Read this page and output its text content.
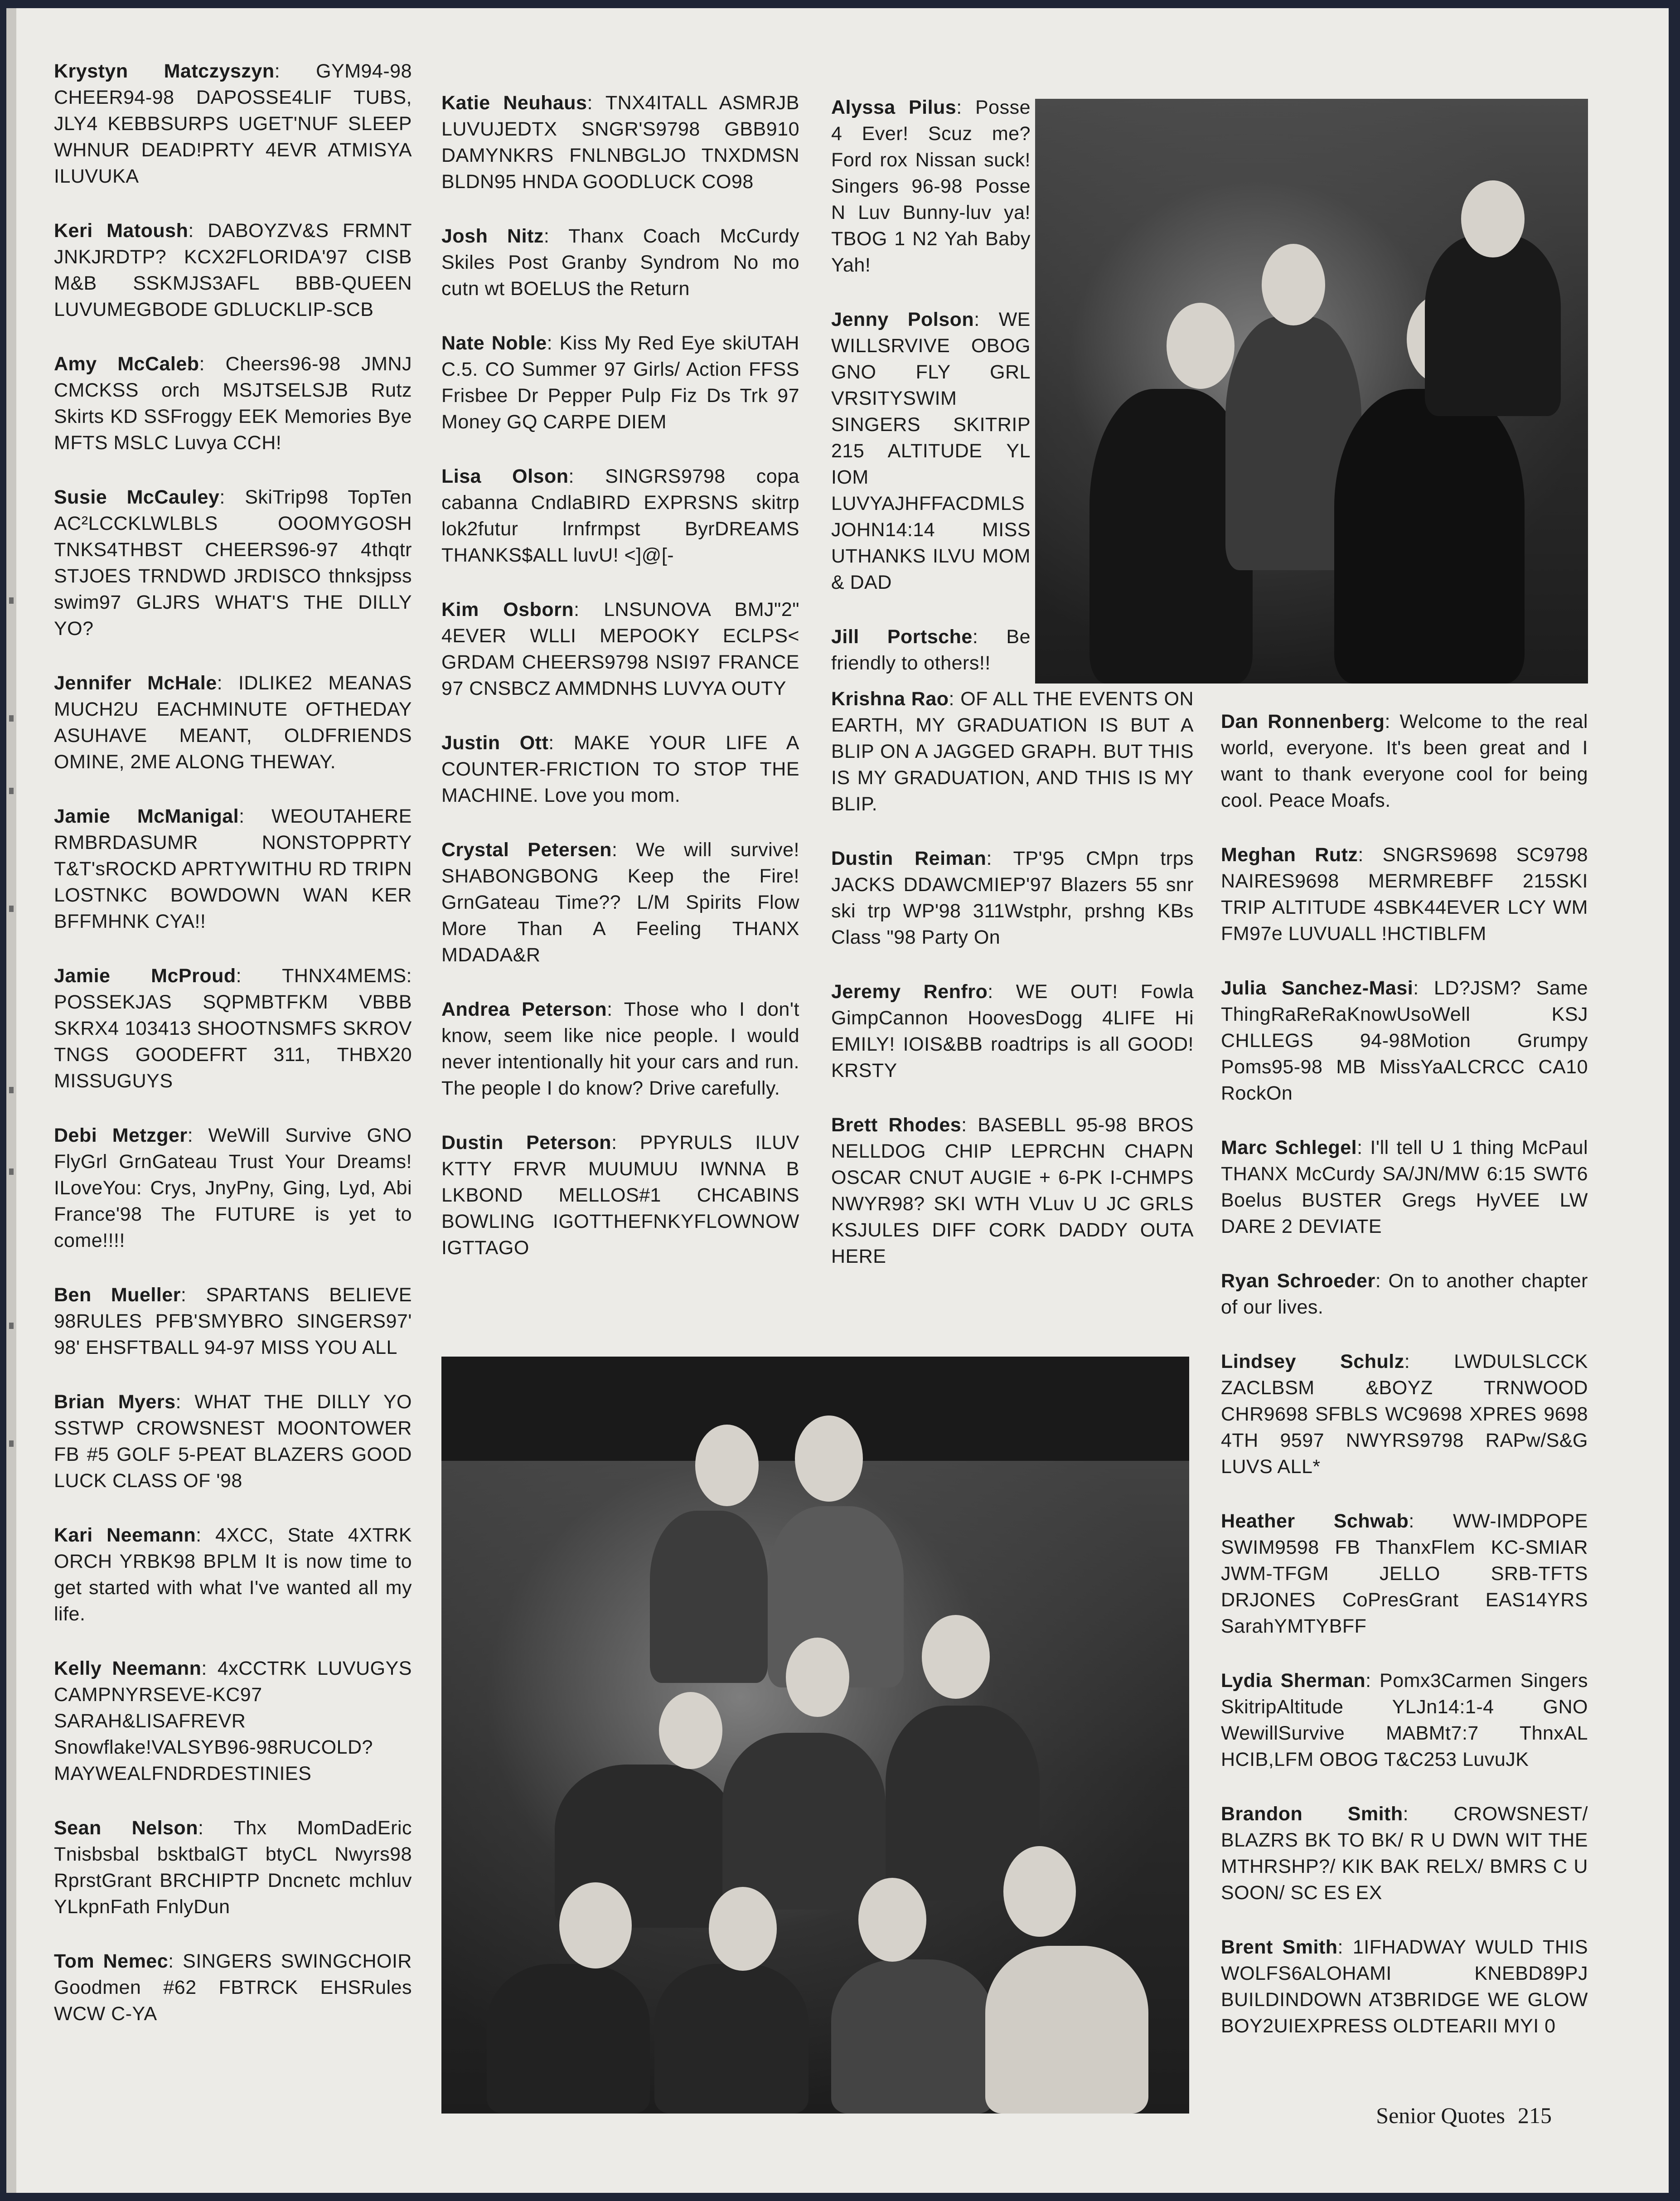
Krystyn Matczyszyn : GYM94-98 CHEER94-98 DAPOSSE4LIF TUBS, JLY4 KEBBSURPS UGET'NUF SLEEP WHNUR DEAD!PRTY 4EVR ATMISYA ILUVUKA

Keri Matoush : DABOYZV&S FRMNT JNKJRDTP? KCX2FLORIDA'97 CISB M&B SSKMJS3AFL BBB-QUEEN LUVUMEGBODE GDLUCKLIP-SCB

Amy McCaleb : Cheers96-98 JMNJ CMCKSS orch MSJTSELSJB Rutz Skirts KD SSFroggy EEK Memories Bye MFTS MSLC Luvya CCH!

Susie McCauley : SkiTrip98 TopTen AC²LCCKLWLBLS OOOMYGOSH TNKS4THBST CHEERS96-97 4thqtr STJOES TRNDWD JRDISCO thnksjpss swim97 GLJRS WHAT'S THE DILLY YO?

Jennifer McHale : IDLIKE2 MEANAS MUCH2U EACHMINUTE OFTHEDAY ASUHAVE MEANT, OLDFRIENDS OMINE, 2ME ALONG THEWAY.

Jamie McManigal : WEOUTAHERE RMBRDASUMR NONSTOPPRTY T&T'sROCKD APRTYWITHU RD TRIPN LOSTNKC BOWDOWN WAN KER BFFMHNK CYA!!

Jamie McProud : THNX4MEMS: POSSEKJAS SQPMBTFKM VBBB SKRX4 103413 SHOOTNSMFS SKROV TNGS GOODEFRT 311, THBX20 MISSUGUYS

Debi Metzger : WeWill Survive GNO FlyGrl GrnGateau Trust Your Dreams! ILoveYou: Crys, JnyPny, Ging, Lyd, Abi France'98 The FUTURE is yet to come!!!!

Ben Mueller : SPARTANS BELIEVE 98RULES PFB'SMYBRO SINGERS97' 98' EHSFTBALL 94-97 MISS YOU ALL

Brian Myers : WHAT THE DILLY YO SSTWP CROWSNEST MOONTOWER FB #5 GOLF 5-PEAT BLAZERS GOOD LUCK CLASS OF '98

Kari Neemann : 4XCC, State 4XTRK ORCH YRBK98 BPLM It is now time to get started with what I've wanted all my life.

Kelly Neemann : 4xCCTRK LUVUGYS CAMPNYRSEVE-KC97 SARAH&LISAFREVR Snowflake!VALSYB96-98RUCOLD?MAYWEALFNDRDESTINIES

Sean Nelson : Thx MomDadEric Tnisbsbal bsktbalGT btyCL Nwyrs98 RprstGrant BRCHIPTP Dncnetc mchluv YLkpnFath FnlyDun

Tom Nemec : SINGERS SWINGCHOIR Goodmen #62 FBTRCK EHSRules WCW C-YA

Katie Neuhaus : TNX4ITALL ASMRJB LUVUJEDTX SNGR'S9798 GBB910 DAMYNKRS FNLNBGLJO TNXDMSN BLDN95 HNDA GOODLUCK CO98

Josh Nitz : Thanx Coach McCurdy Skiles Post Granby Syndrom No mo cutn wt BOELUS the Return

Nate Noble : Kiss My Red Eye skiUTAH C.5. CO Summer 97 Girls/ Action FFSS Frisbee Dr Pepper Pulp Fiz Ds Trk 97 Money GQ CARPE DIEM

Lisa Olson : SINGRS9798 copa cabanna CndlaBIRD EXPRSNS skitrp lok2futur lrnfrmpst ByrDREAMS THANKS$ALL luvU! <]@[-

Kim Osborn : LNSUNOVA BMJ"2" 4EVER WLLI MEPOOKY ECLPS< GRDAM CHEERS9798 NSI97 FRANCE 97 CNSBCZ AMMDNHS LUVYA OUTY

Justin Ott : MAKE YOUR LIFE A COUNTER-FRICTION TO STOP THE MACHINE. Love you mom.

Crystal Petersen : We will survive! SHABONGBONG Keep the Fire! GrnGateau Time?? L/M Spirits Flow More Than A Feeling THANX MDADA&R

Andrea Peterson : Those who I don't know, seem like nice people. I would never intentionally hit your cars and run. The people I do know? Drive carefully.

Dustin Peterson : PPYRULS ILUV KTTY FRVR MUUMUU IWNNA B LKBOND MELLOS#1 CHCABINS BOWLING IGOTTHEFNKYFLOWNOW IGTTAGO

Alyssa Pilus : Posse 4 Ever! Scuz me? Ford rox Nissan suck! Singers 96-98 Posse N Luv Bunny-luv ya! TBOG 1 N2 Yah Baby Yah!

Jenny Polson : WE WILLSRVIVE OBOG GNO FLY GRL VRSITYSWIM SINGERS SKITRIP 215 ALTITUDE YL IOM LUVYAJHFFACDMLS JOHN14:14 MISS UTHANKS ILVU MOM & DAD

Jill Portsche : Be friendly to others!!

Krishna Rao : OF ALL THE EVENTS ON EARTH, MY GRADUATION IS BUT A BLIP ON A JAGGED GRAPH. BUT THIS IS MY GRADUATION, AND THIS IS MY BLIP.

Dustin Reiman : TP'95 CMpn trps JACKS DDAWCMIEP'97 Blazers 55 snr ski trp WP'98 311Wstphr, prshng KBs Class "98 Party On

Jeremy Renfro : WE OUT! Fowla GimpCannon HoovesDogg 4LIFE Hi EMILY! IOIS&BB roadtrips is all GOOD! KRSTY

Brett Rhodes : BASEBLL 95-98 BROS NELLDOG CHIP LEPRCHN CHAPN OSCAR CNUT AUGIE + 6-PK I-CHMPS NWYR98? SKI WTH VLuv U JC GRLS KSJULES DIFF CORK DADDY OUTA HERE

Dan Ronnenberg : Welcome to the real world, everyone. It's been great and I want to thank everyone cool for being cool. Peace Moafs.

Meghan Rutz : SNGRS9698 SC9798 NAIRES9698 MERMREBFF 215SKI TRIP ALTITUDE 4SBK44EVER LCY WM FM97e LUVUALL !HCTIBLFM

Julia Sanchez-Masi : LD?JSM? Same ThingRaReRaKnowUsoWell KSJ CHLLEGS 94-98Motion Grumpy Poms95-98 MB MissYaALCRCC CA10 RockOn

Marc Schlegel : I'll tell U 1 thing McPaul THANX McCurdy SA/JN/MW 6:15 SWT6 Boelus BUSTER Gregs HyVEE LW DARE 2 DEVIATE

Ryan Schroeder : On to another chapter of our lives.

Lindsey Schulz :	LWDULSLCCK ZACLBSM &BOYZ TRNWOOD CHR9698 SFBLS WC9698 XPRES 9698 4TH 9597 NWYRS9798 RAPw/S&G LUVS ALL*

Heather Schwab : WW-IMDPOPE SWIM9598 FB ThanxFlem KC-SMIAR JWM-TFGM JELLO SRB-TFTS DRJONES CoPresGrant EAS14YRS SarahYMTYBFF

Lydia Sherman : Pomx3Carmen Singers SkitripAltitude YLJn14:1-4 GNO WewillSurvive MABMt7:7 ThnxAL HCIB,LFM OBOG T&C253 LuvuJK

Brandon Smith :	CROWSNEST/ BLAZRS BK TO BK/ R U DWN WIT THE MTHRSHP?/ KIK BAK RELX/ BMRS C U SOON/ SC ES EX

Brent Smith : 1IFHADWAY WULD THIS WOLFS6ALOHAMI KNEBD89PJ BUILDINDOWN AT3BRIDGE WE GLOW BOY2UIEXPRESS OLDTEARII MYI 0

Senior Quotes 215
